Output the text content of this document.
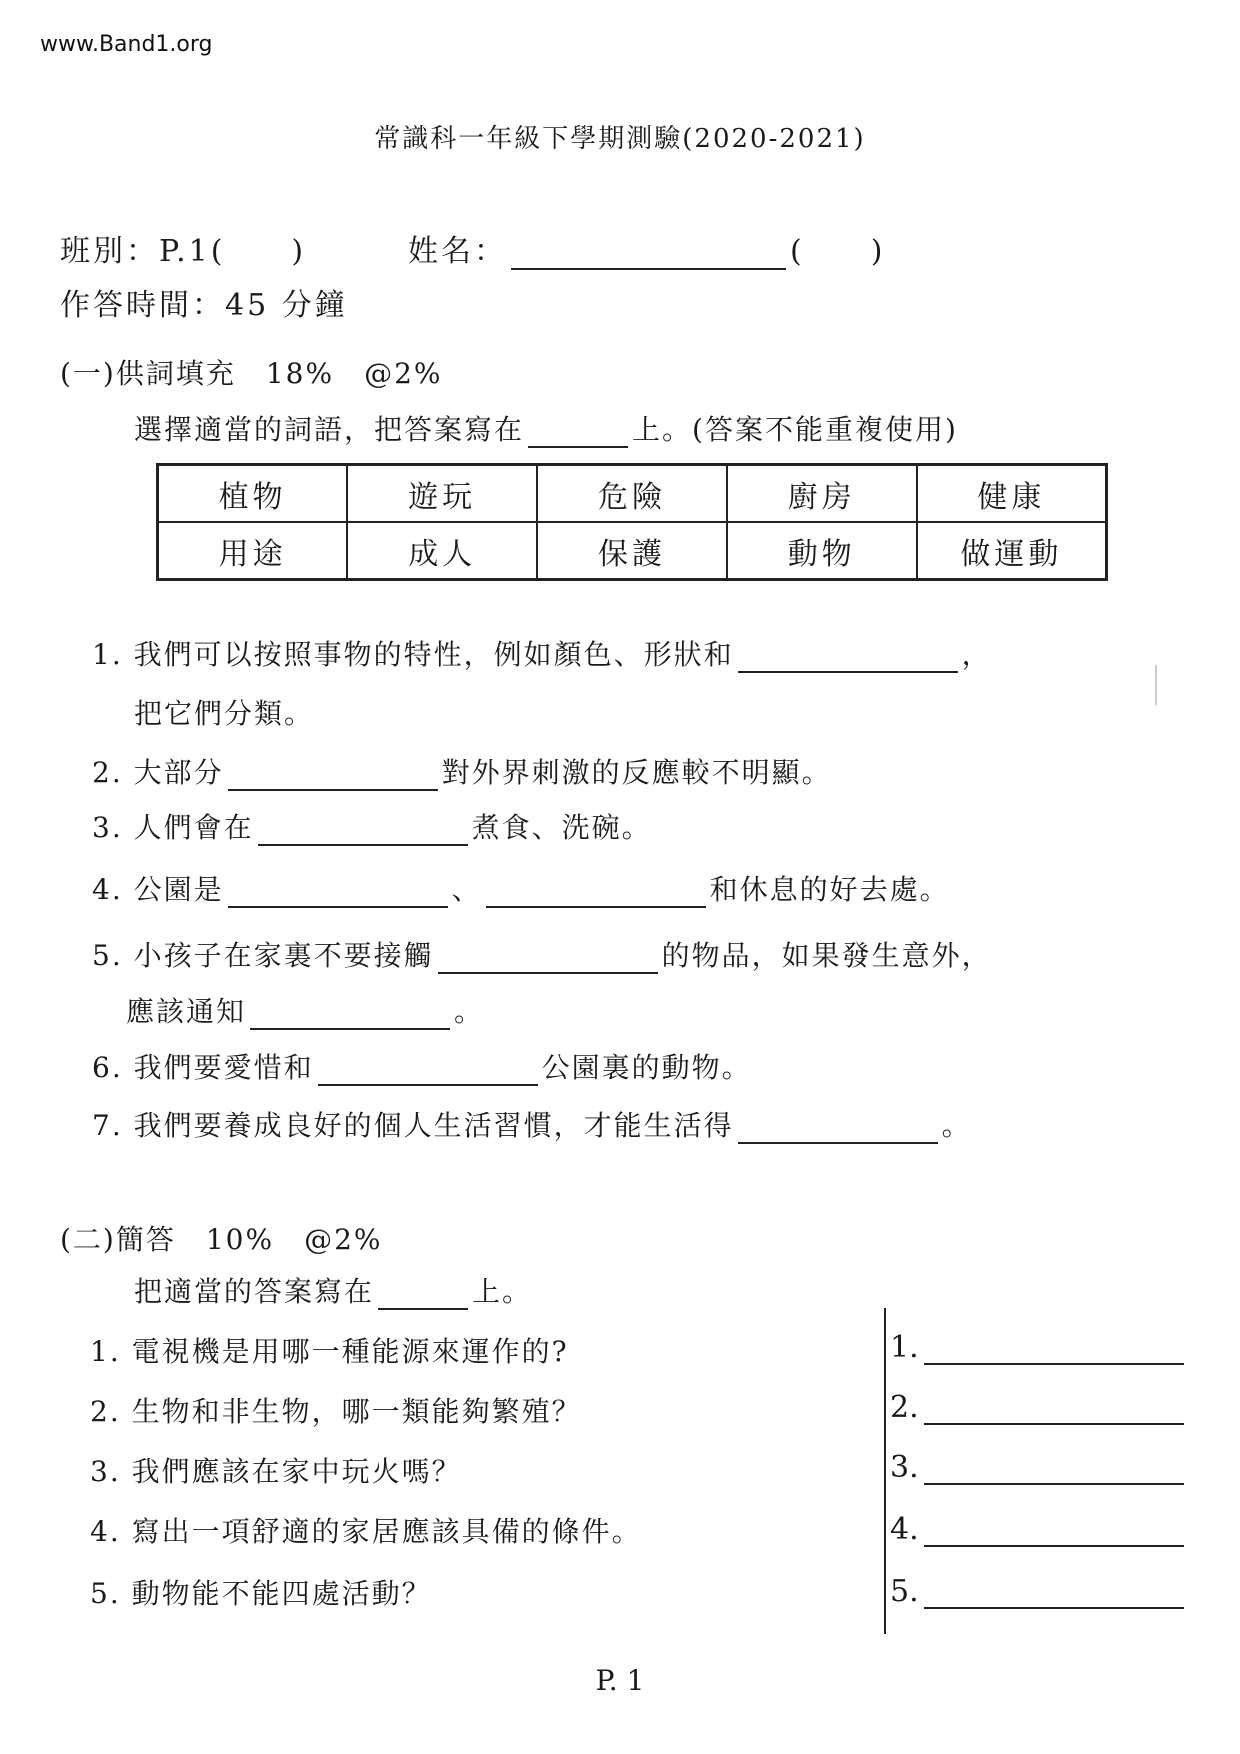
www.Band1.org
常識科一年級下學期測驗(2020-2021)
班別：P.1(　　)	姓名：	(　　)
作答時間：45 分鐘
(一)供詞填充　18%　@2%
選擇適當的詞語，把答案寫在	上。(答案不能重複使用)
植物	遊玩	危險	廚房	健康
用途	成人	保護	動物	做運動
1. 我們可以按照事物的特性，例如顏色、形狀和	，
把它們分類。
2. 大部分	對外界刺激的反應較不明顯。
3. 人們會在	煮食、洗碗。
4. 公園是	、	和休息的好去處。
5. 小孩子在家裏不要接觸	的物品，如果發生意外，
應該通知	。
6. 我們要愛惜和	公園裏的動物。
7. 我們要養成良好的個人生活習慣，才能生活得	。
(二)簡答　10%　@2%
把適當的答案寫在	上。
1. 電視機是用哪一種能源來運作的?
2. 生物和非生物，哪一類能夠繁殖？
3. 我們應該在家中玩火嗎？
4. 寫出一項舒適的家居應該具備的條件。
5. 動物能不能四處活動？
1.
2.
3.
4.
5.
P. 1
